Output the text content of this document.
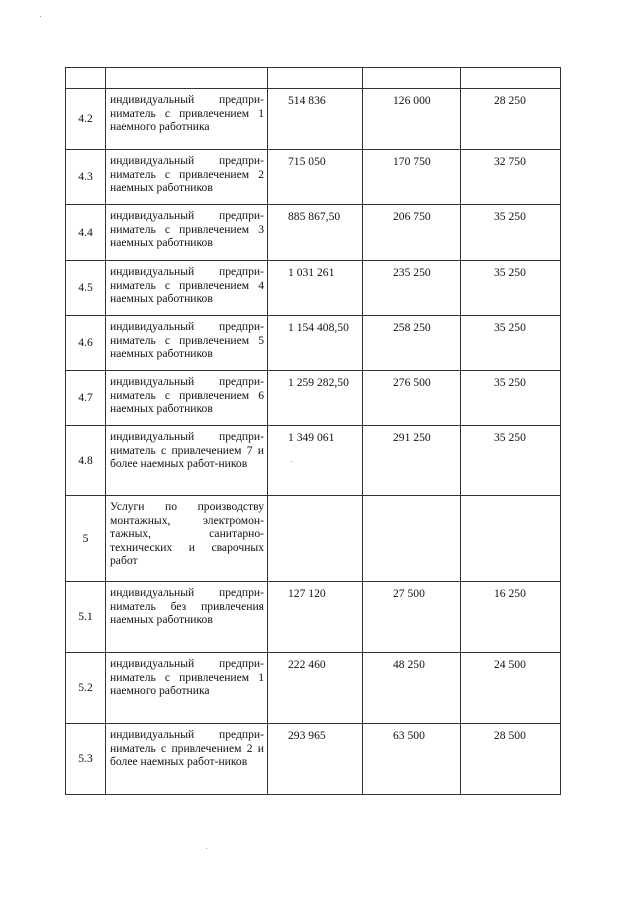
4.2	индивидуальный предпри-ниматель с привлечением 1 наемного работника	514 836	126 000	28 250
4.3	индивидуальный предпри-ниматель с привлечением 2 наемных работников	715 050	170 750	32 750
4.4	индивидуальный предпри-ниматель с привлечением 3 наемных работников	885 867,50	206 750	35 250
4.5	индивидуальный предпри-ниматель с привлечением 4 наемных работников	1 031 261	235 250	35 250
4.6	индивидуальный предпри-ниматель с привлечением 5 наемных работников	1 154 408,50	258 250	35 250
4.7	индивидуальный предпри-ниматель с привлечением 6 наемных работников	1 259 282,50	276 500	35 250
4.8	индивидуальный предпри-ниматель с привлечением 7 и более наемных работ-ников	1 349 061	291 250	35 250
5	Услуги по производству монтажных, электромон-тажных, санитарно-технических и сварочных работ			
5.1	индивидуальный предпри-ниматель без привлечения наемных работников	127 120	27 500	16 250
5.2	индивидуальный предпри-ниматель с привлечением 1 наемного работника	222 460	48 250	24 500
5.3	индивидуальный предпри-ниматель с привлечением 2 и более наемных работ-ников	293 965	63 500	28 500
